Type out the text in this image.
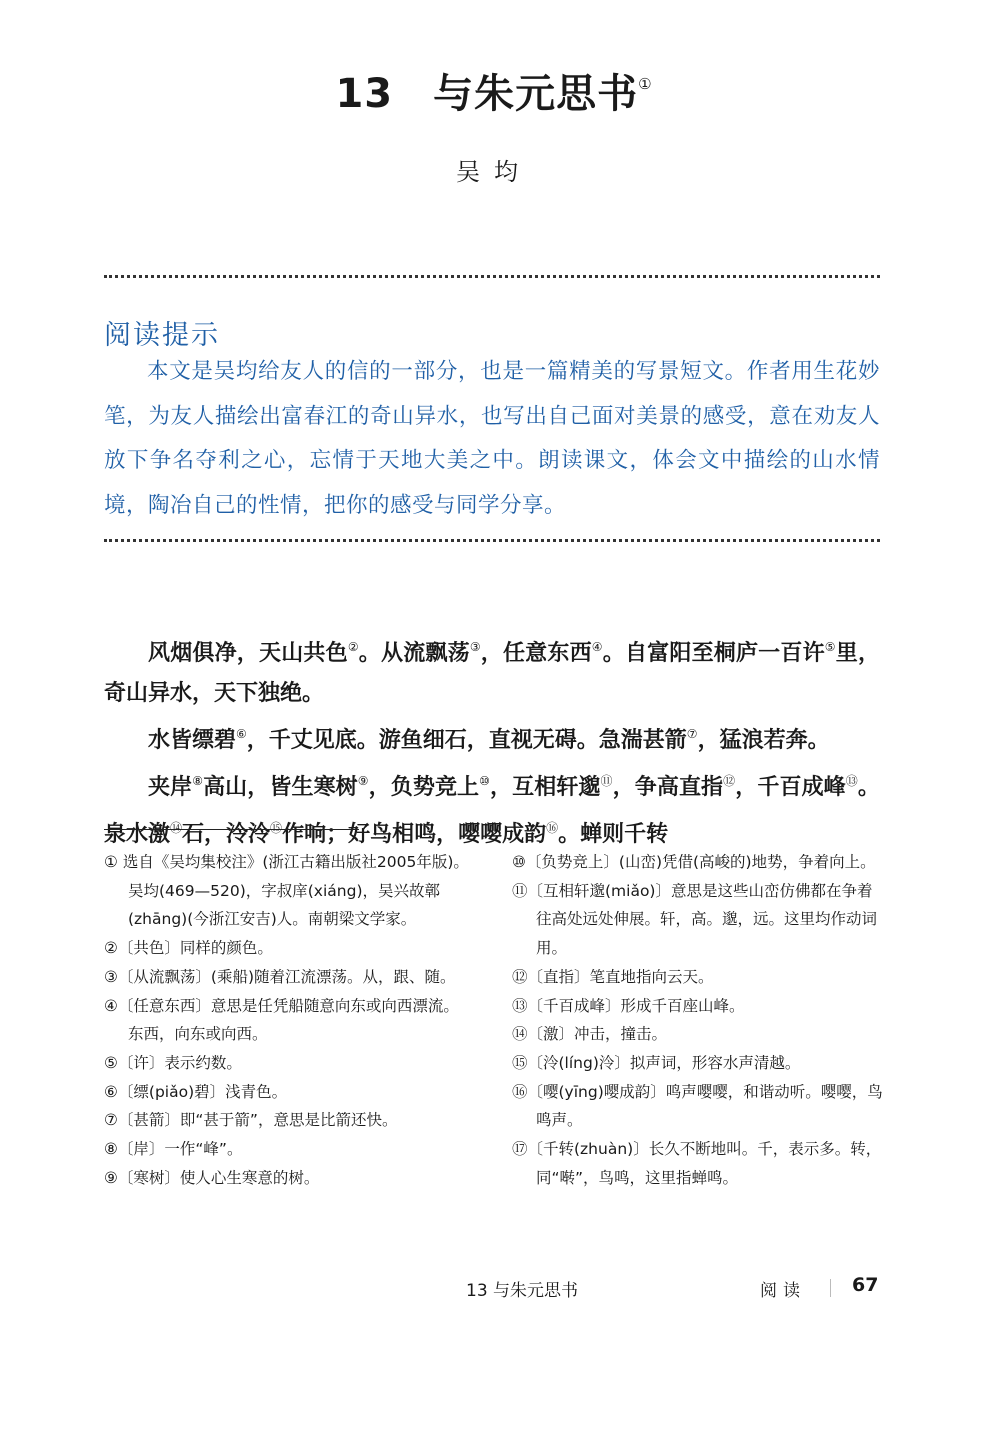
13 与朱元思书①
吴均
阅读提示

本文是吴均给友人的信的一部分，也是一篇精美的写景短文。作者用生花妙笔，为友人描绘出富春江的奇山异水，也写出自己面对美景的感受，意在劝友人放下争名夺利之心，忘情于天地大美之中。朗读课文，体会文中描绘的山水情境，陶冶自己的性情，把你的感受与同学分享。

风烟俱净，天山共色②。从流飘荡③，任意东西④。自富阳至桐庐一百许⑤里，奇山异水，天下独绝。

水皆缥碧⑥，千丈见底。游鱼细石，直视无碍。急湍甚箭⑦，猛浪若奔。

夹岸⑧高山，皆生寒树⑨，负势竞上⑩，互相轩邈⑪，争高直指⑫，千百成峰⑬。泉水激⑭石，泠泠⑮作响；好鸟相鸣，嘤嘤成韵⑯。蝉则千转

① 选自《吴均集校注》(浙江古籍出版社2005年版)。吴均(469—520)，字叔庠(xiáng)，吴兴故鄣(zhāng)(今浙江安吉)人。南朝梁文学家。
②〔共色〕同样的颜色。
③〔从流飘荡〕(乘船)随着江流漂荡。从，跟、随。
④〔任意东西〕意思是任凭船随意向东或向西漂流。东西，向东或向西。
⑤〔许〕表示约数。
⑥〔缥(piǎo)碧〕浅青色。
⑦〔甚箭〕即“甚于箭”，意思是比箭还快。
⑧〔岸〕一作“峰”。
⑨〔寒树〕使人心生寒意的树。
⑩〔负势竞上〕(山峦)凭借(高峻的)地势，争着向上。
⑪〔互相轩邈(miǎo)〕意思是这些山峦仿佛都在争着往高处远处伸展。轩，高。邈，远。这里均作动词用。
⑫〔直指〕笔直地指向云天。
⑬〔千百成峰〕形成千百座山峰。
⑭〔激〕冲击，撞击。
⑮〔泠(líng)泠〕拟声词，形容水声清越。
⑯〔嘤(yīng)嘤成韵〕鸣声嘤嘤，和谐动听。嘤嘤，鸟鸣声。
⑰〔千转(zhuàn)〕长久不断地叫。千，表示多。转，同“啭”，鸟鸣，这里指蝉鸣。
13 与朱元思书	阅读 67
